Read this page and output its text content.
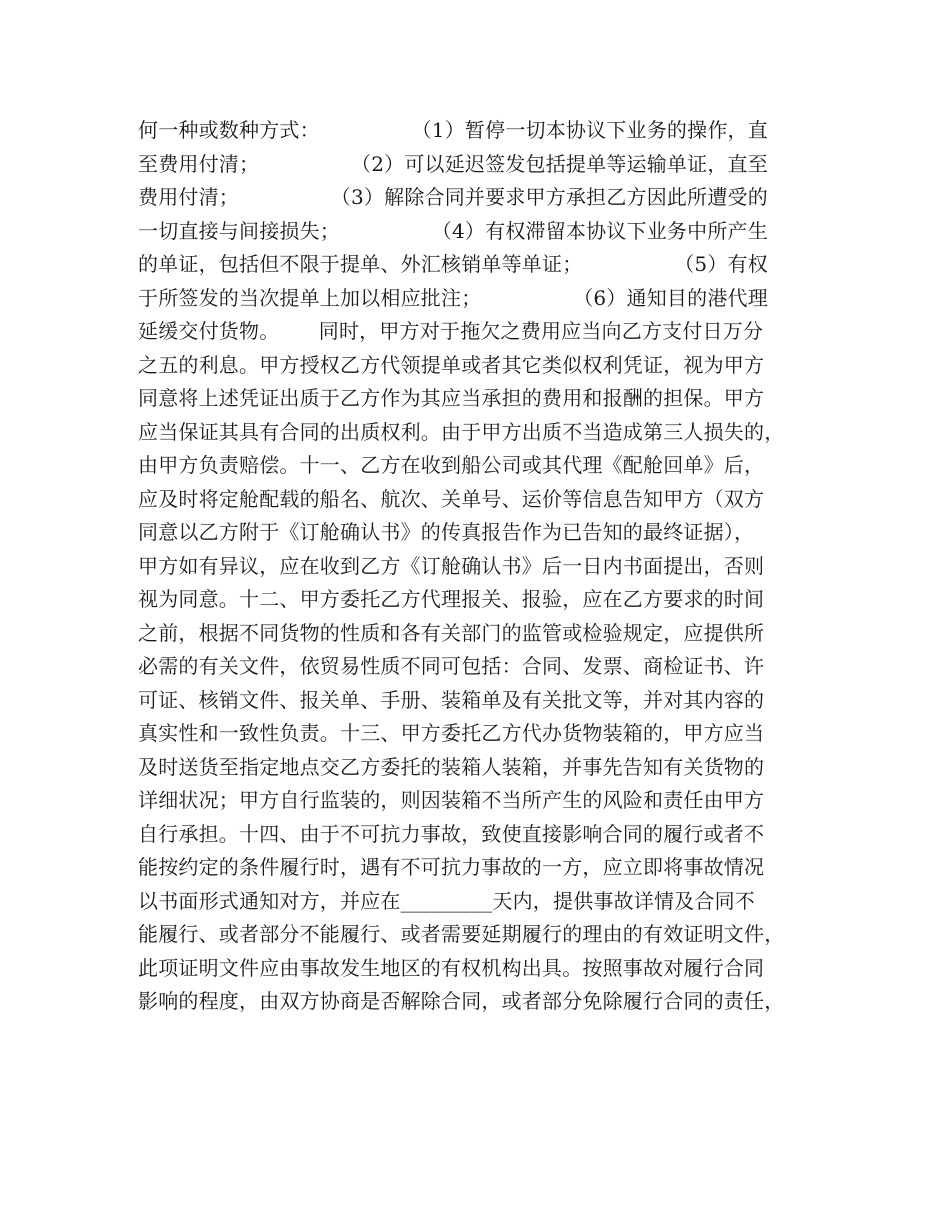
何一种或数种方式：              （1）暂停一切本协议下业务的操作，直
至费用付清；              （2）可以延迟签发包括提单等运输单证，直至
费用付清；              （3）解除合同并要求甲方承担乙方因此所遭受的
一切直接与间接损失；              （4）有权滞留本协议下业务中所产生
的单证，包括但不限于提单、外汇核销单等单证；              （5）有权
于所签发的当次提单上加以相应批注；              （6）通知目的港代理
延缓交付货物。      同时，甲方对于拖欠之费用应当向乙方支付日万分
之五的利息。甲方授权乙方代领提单或者其它类似权利凭证，视为甲方
同意将上述凭证出质于乙方作为其应当承担的费用和报酬的担保。甲方
应当保证其具有合同的出质权利。由于甲方出质不当造成第三人损失的，
由甲方负责赔偿。十一、乙方在收到船公司或其代理《配舱回单》后，
应及时将定舱配载的船名、航次、关单号、运价等信息告知甲方（双方
同意以乙方附于《订舱确认书》的传真报告作为已告知的最终证据），
甲方如有异议，应在收到乙方《订舱确认书》后一日内书面提出，否则
视为同意。十二、甲方委托乙方代理报关、报验，应在乙方要求的时间
之前，根据不同货物的性质和各有关部门的监管或检验规定，应提供所
必需的有关文件，依贸易性质不同可包括：合同、发票、商检证书、许
可证、核销文件、报关单、手册、装箱单及有关批文等，并对其内容的
真实性和一致性负责。十三、甲方委托乙方代办货物装箱的，甲方应当
及时送货至指定地点交乙方委托的装箱人装箱，并事先告知有关货物的
详细状况；甲方自行监装的，则因装箱不当所产生的风险和责任由甲方
自行承担。十四、由于不可抗力事故，致使直接影响合同的履行或者不
能按约定的条件履行时，遇有不可抗力事故的一方，应立即将事故情况
以书面形式通知对方，并应在_________天内，提供事故详情及合同不
能履行、或者部分不能履行、或者需要延期履行的理由的有效证明文件，
此项证明文件应由事故发生地区的有权机构出具。按照事故对履行合同
影响的程度，由双方协商是否解除合同，或者部分免除履行合同的责任，
